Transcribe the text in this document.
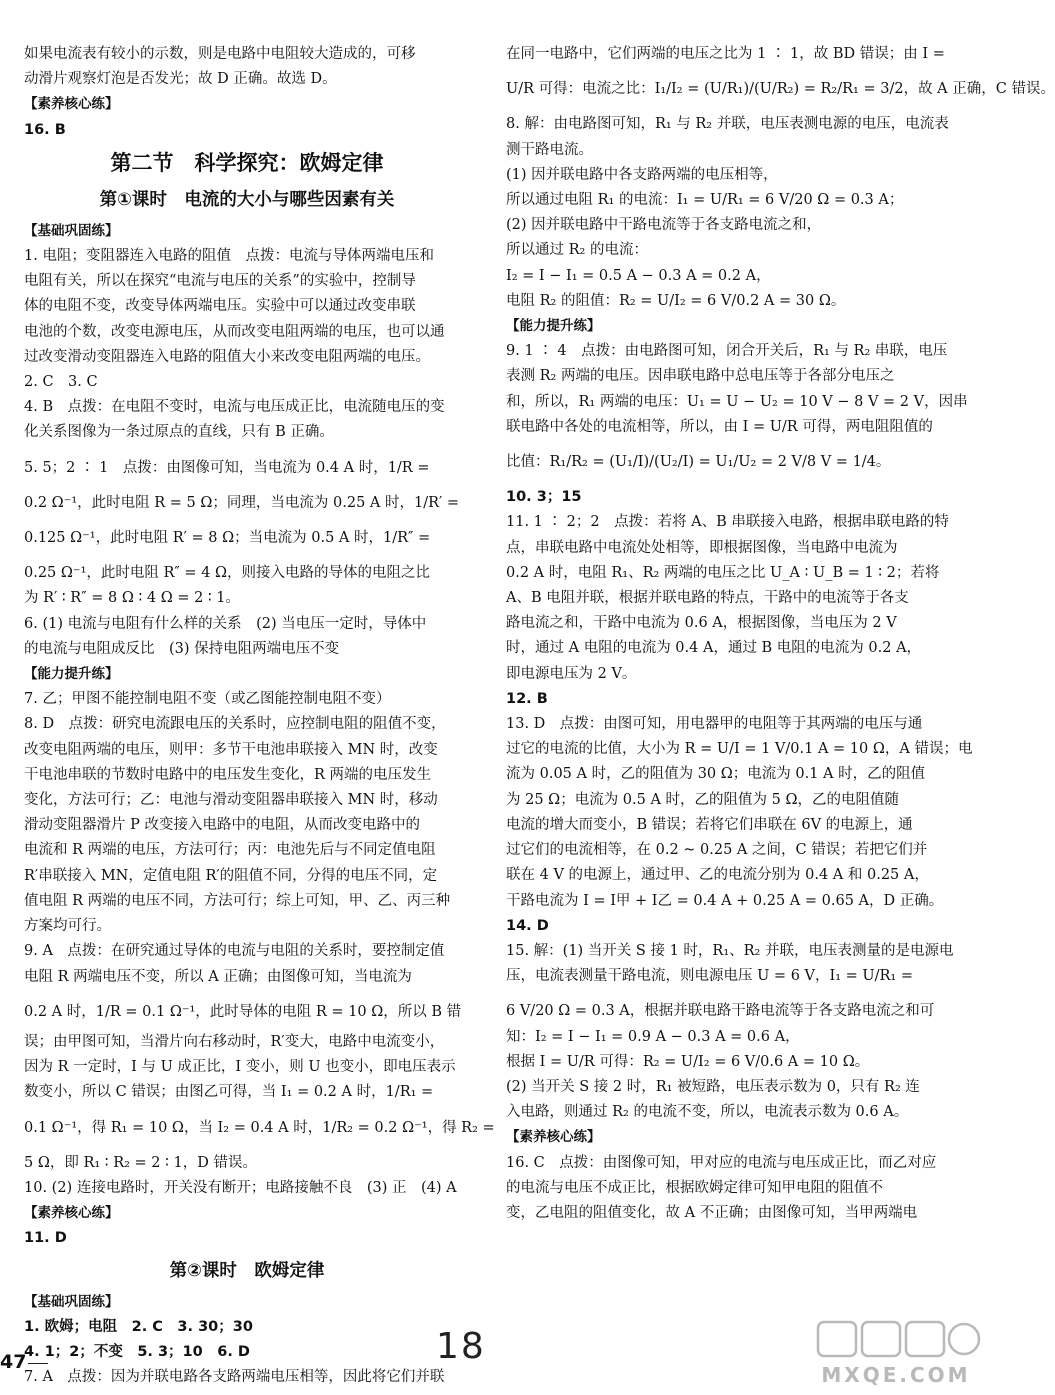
如果电流表有较小的示数，则是电路中电阻较大造成的，可移
动滑片观察灯泡是否发光；故 D 正确。故选 D。
【素养核心练】
16. B
第二节　科学探究：欧姆定律
第①课时　电流的大小与哪些因素有关
【基础巩固练】
1. 电阻；变阻器连入电路的阻值　点拨：电流与导体两端电压和
电阻有关，所以在探究“电流与电压的关系”的实验中，控制导
体的电阻不变，改变导体两端电压。实验中可以通过改变串联
电池的个数，改变电源电压，从而改变电阻两端的电压，也可以通
过改变滑动变阻器连入电路的阻值大小来改变电阻两端的电压。
2. C　3. C
4. B　点拨：在电阻不变时，电流与电压成正比，电流随电压的变
化关系图像为一条过原点的直线，只有 B 正确。
5. 5；2 ∶ 1　点拨：由图像可知，当电流为 0.4 A 时，1/R =
0.2 Ω⁻¹，此时电阻 R = 5 Ω；同理，当电流为 0.25 A 时，1/R′ =
0.125 Ω⁻¹，此时电阻 R′ = 8 Ω；当电流为 0.5 A 时，1/R″ =
0.25 Ω⁻¹，此时电阻 R″ = 4 Ω，则接入电路的导体的电阻之比
为 R′ ∶ R″ = 8 Ω ∶ 4 Ω = 2 ∶ 1。
6. (1) 电流与电阻有什么样的关系　(2) 当电压一定时，导体中
的电流与电阻成反比　(3) 保持电阻两端电压不变
【能力提升练】
7. 乙；甲图不能控制电阻不变（或乙图能控制电阻不变）
8. D　点拨：研究电流跟电压的关系时，应控制电阻的阻值不变，
改变电阻两端的电压，则甲：多节干电池串联接入 MN 时，改变
干电池串联的节数时电路中的电压发生变化，R 两端的电压发生
变化，方法可行；乙：电池与滑动变阻器串联接入 MN 时，移动
滑动变阻器滑片 P 改变接入电路中的电阻，从而改变电路中的
电流和 R 两端的电压，方法可行；丙：电池先后与不同定值电阻
R′串联接入 MN，定值电阻 R′的阻值不同，分得的电压不同，定
值电阻 R 两端的电压不同，方法可行；综上可知，甲、乙、丙三种
方案均可行。
9. A　点拨：在研究通过导体的电流与电阻的关系时，要控制定值
电阻 R 两端电压不变，所以 A 正确；由图像可知，当电流为
0.2 A 时，1/R = 0.1 Ω⁻¹，此时导体的电阻 R = 10 Ω，所以 B 错
误；由甲图可知，当滑片向右移动时，R′变大，电路中电流变小，
因为 R 一定时，I 与 U 成正比，I 变小，则 U 也变小，即电压表示
数变小，所以 C 错误；由图乙可得，当 I₁ = 0.2 A 时，1/R₁ =
0.1 Ω⁻¹，得 R₁ = 10 Ω，当 I₂ = 0.4 A 时，1/R₂ = 0.2 Ω⁻¹，得 R₂ =
5 Ω，即 R₁ ∶ R₂ = 2 ∶ 1，D 错误。
10. (2) 连接电路时，开关没有断开；电路接触不良　(3) 正　(4) A
【素养核心练】
11. D
第②课时　欧姆定律
【基础巩固练】
1. 欧姆；电阻　2. C　3. 30；30
4. 1；2；不变　5. 3；10　6. D
7. A　点拨：因为并联电路各支路两端电压相等，因此将它们并联
在同一电路中，它们两端的电压之比为 1 ∶ 1，故 BD 错误；由 I =
U/R 可得：电流之比：I₁/I₂ = (U/R₁)/(U/R₂) = R₂/R₁ = 3/2，故 A 正确，C 错误。
8. 解：由电路图可知，R₁ 与 R₂ 并联，电压表测电源的电压，电流表
测干路电流。
(1) 因并联电路中各支路两端的电压相等，
所以通过电阻 R₁ 的电流：I₁ = U/R₁ = 6 V/20 Ω = 0.3 A；
(2) 因并联电路中干路电流等于各支路电流之和，
所以通过 R₂ 的电流：
I₂ = I − I₁ = 0.5 A − 0.3 A = 0.2 A，
电阻 R₂ 的阻值：R₂ = U/I₂ = 6 V/0.2 A = 30 Ω。
【能力提升练】
9. 1 ∶ 4　点拨：由电路图可知，闭合开关后，R₁ 与 R₂ 串联，电压
表测 R₂ 两端的电压。因串联电路中总电压等于各部分电压之
和，所以，R₁ 两端的电压：U₁ = U − U₂ = 10 V − 8 V = 2 V，因串
联电路中各处的电流相等，所以，由 I = U/R 可得，两电阻阻值的
比值：R₁/R₂ = (U₁/I)/(U₂/I) = U₁/U₂ = 2 V/8 V = 1/4。
10. 3；15
11. 1 ∶ 2；2　点拨：若将 A、B 串联接入电路，根据串联电路的特
点，串联电路中电流处处相等，即根据图像，当电路中电流为
0.2 A 时，电阻 R₁、R₂ 两端的电压之比 U_A ∶ U_B = 1 ∶ 2；若将
A、B 电阻并联，根据并联电路的特点，干路中的电流等于各支
路电流之和，干路中电流为 0.6 A，根据图像，当电压为 2 V
时，通过 A 电阻的电流为 0.4 A，通过 B 电阻的电流为 0.2 A，
即电源电压为 2 V。
12. B
13. D　点拨：由图可知，用电器甲的电阻等于其两端的电压与通
过它的电流的比值，大小为 R = U/I = 1 V/0.1 A = 10 Ω，A 错误；电
流为 0.05 A 时，乙的阻值为 30 Ω；电流为 0.1 A 时，乙的阻值
为 25 Ω；电流为 0.5 A 时，乙的阻值为 5 Ω，乙的电阻值随
电流的增大而变小，B 错误；若将它们串联在 6V 的电源上，通
过它们的电流相等，在 0.2 ~ 0.25 A 之间，C 错误；若把它们并
联在 4 V 的电源上，通过甲、乙的电流分别为 0.4 A 和 0.25 A，
干路电流为 I = I甲 + I乙 = 0.4 A + 0.25 A = 0.65 A，D 正确。
14. D
15. 解：(1) 当开关 S 接 1 时，R₁、R₂ 并联，电压表测量的是电源电
压，电流表测量干路电流，则电源电压 U = 6 V，I₁ = U/R₁ =
6 V/20 Ω = 0.3 A，根据并联电路干路电流等于各支路电流之和可
知：I₂ = I − I₁ = 0.9 A − 0.3 A = 0.6 A，
根据 I = U/R 可得：R₂ = U/I₂ = 6 V/0.6 A = 10 Ω。
(2) 当开关 S 接 2 时，R₁ 被短路，电压表示数为 0，只有 R₂ 连
入电路，则通过 R₂ 的电流不变，所以，电流表示数为 0.6 A。
【素养核心练】
16. C　点拨：由图像可知，甲对应的电流与电压成正比，而乙对应
的电流与电压不成正比，根据欧姆定律可知甲电阻的阻值不
变，乙电阻的阻值变化，故 A 不正确；由图像可知，当甲两端电
47	18
MXQE.COM
